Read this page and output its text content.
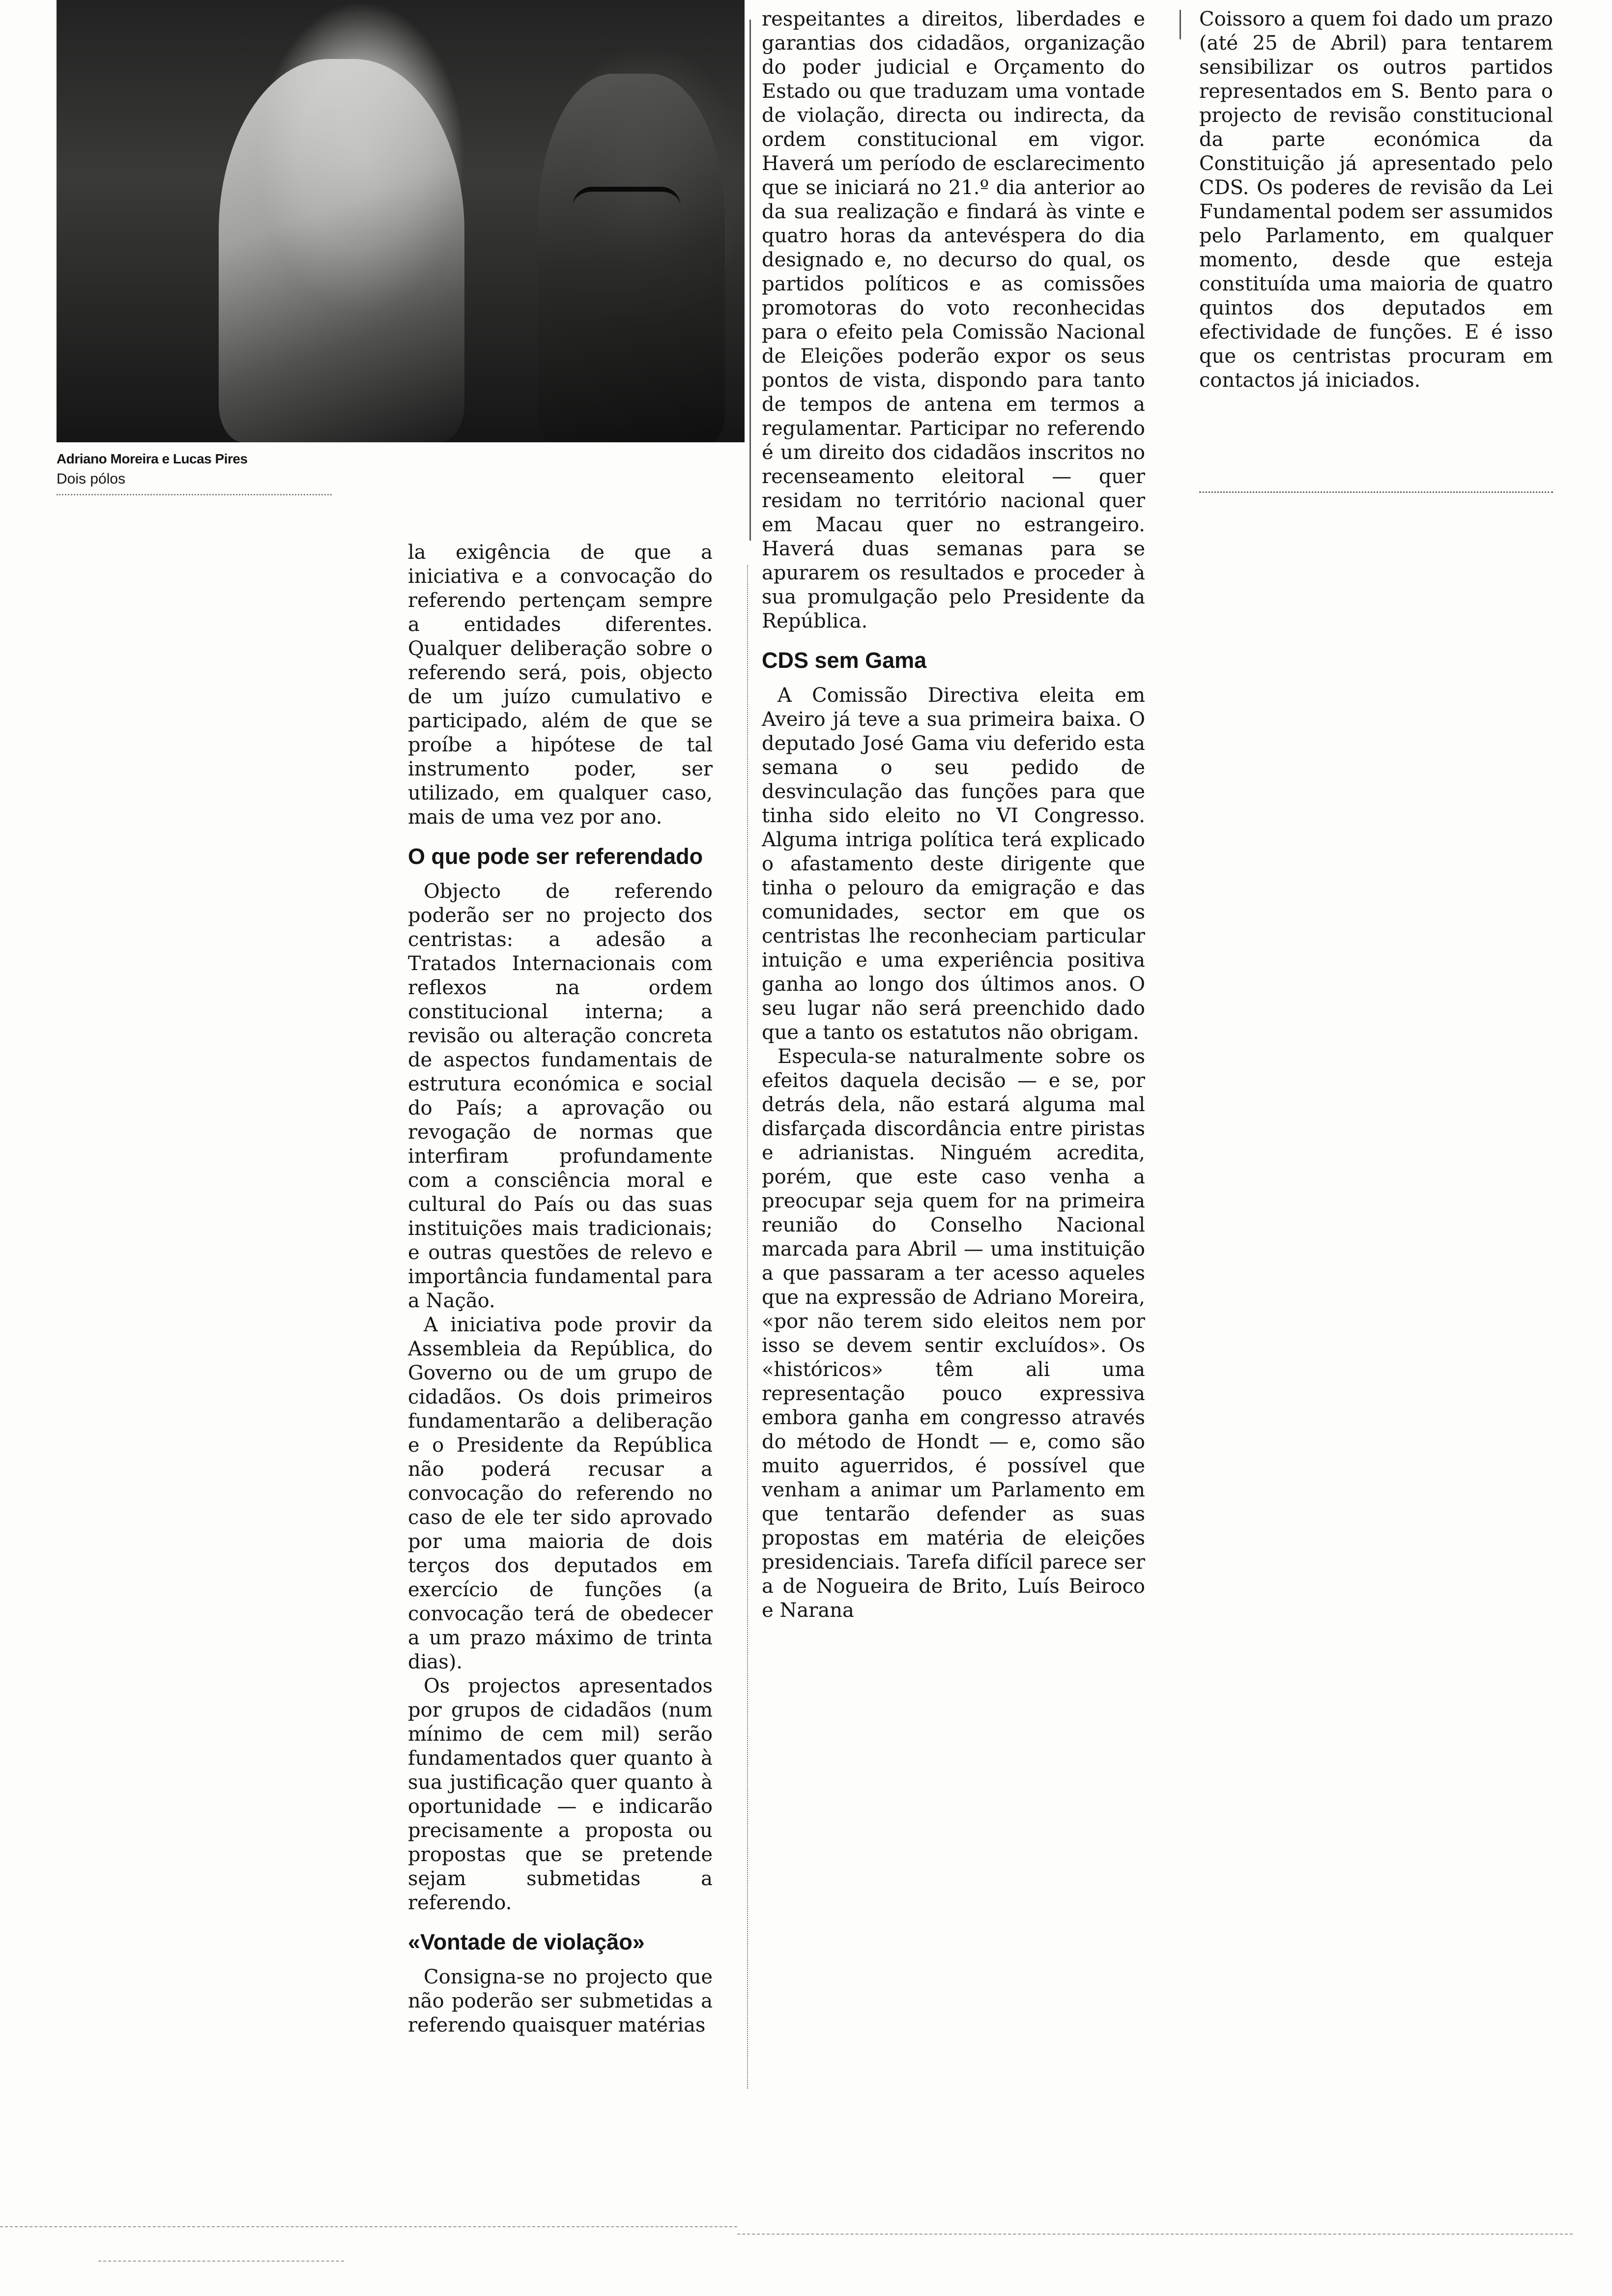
Adriano Moreira e Lucas Pires
Dois pólos

la exigência de que a iniciativa e a convocação do referendo pertençam sempre a entidades diferentes. Qualquer deliberação sobre o referendo será, pois, objecto de um juízo cumulativo e participado, além de que se proíbe a hipótese de tal instrumento poder, ser utilizado, em qualquer caso, mais de uma vez por ano.

O que pode ser referendado

Objecto de referendo poderão ser no projecto dos centristas: a adesão a Tratados Internacionais com reflexos na ordem constitucional interna; a revisão ou alteração concreta de aspectos fundamentais de estrutura económica e social do País; a aprovação ou revogação de normas que interfiram profundamente com a consciência moral e cultural do País ou das suas instituições mais tradicionais; e outras questões de relevo e importância fundamental para a Nação.

A iniciativa pode provir da Assembleia da República, do Governo ou de um grupo de cidadãos. Os dois primeiros fundamentarão a deliberação e o Presidente da República não poderá recusar a convocação do referendo no caso de ele ter sido aprovado por uma maioria de dois terços dos deputados em exercício de funções (a convocação terá de obedecer a um prazo máximo de trinta dias).

Os projectos apresentados por grupos de cidadãos (num mínimo de cem mil) serão fundamentados quer quanto à sua justificação quer quanto à oportunidade — e indicarão precisamente a proposta ou propostas que se pretende sejam submetidas a referendo.

«Vontade de violação»

Consigna-se no projecto que não poderão ser submetidas a referendo quaisquer matérias

respeitantes a direitos, liberdades e garantias dos cidadãos, organização do poder judicial e Orçamento do Estado ou que traduzam uma vontade de violação, directa ou indirecta, da ordem constitucional em vigor. Haverá um período de esclarecimento que se iniciará no 21.º dia anterior ao da sua realização e findará às vinte e quatro horas da antevéspera do dia designado e, no decurso do qual, os partidos políticos e as comissões promotoras do voto reconhecidas para o efeito pela Comissão Nacional de Eleições poderão expor os seus pontos de vista, dispondo para tanto de tempos de antena em termos a regulamentar. Participar no referendo é um direito dos cidadãos inscritos no recenseamento eleitoral — quer residam no território nacional quer em Macau quer no estrangeiro. Haverá duas semanas para se apurarem os resultados e proceder à sua promulgação pelo Presidente da República.

CDS sem Gama

A Comissão Directiva eleita em Aveiro já teve a sua primeira baixa. O deputado José Gama viu deferido esta semana o seu pedido de desvinculação das funções para que tinha sido eleito no VI Congresso. Alguma intriga política terá explicado o afastamento deste dirigente que tinha o pelouro da emigração e das comunidades, sector em que os centristas lhe reconheciam particular intuição e uma experiência positiva ganha ao longo dos últimos anos. O seu lugar não será preenchido dado que a tanto os estatutos não obrigam.

Especula-se naturalmente sobre os efeitos daquela decisão — e se, por detrás dela, não estará alguma mal disfarçada discordância entre piristas e adrianistas. Ninguém acredita, porém, que este caso venha a preocupar seja quem for na primeira reunião do Conselho Nacional marcada para Abril — uma instituição a que passaram a ter acesso aqueles que na expressão de Adriano Moreira, «por não terem sido eleitos nem por isso se devem sentir excluídos». Os «históricos» têm ali uma representação pouco expressiva embora ganha em congresso através do método de Hondt — e, como são muito aguerridos, é possível que venham a animar um Parlamento em que tentarão defender as suas propostas em matéria de eleições presidenciais. Tarefa difícil parece ser a de Nogueira de Brito, Luís Beiroco e Narana

Coissoro a quem foi dado um prazo (até 25 de Abril) para tentarem sensibilizar os outros partidos representados em S. Bento para o projecto de revisão constitucional da parte económica da Constituição já apresentado pelo CDS. Os poderes de revisão da Lei Fundamental podem ser assumidos pelo Parlamento, em qualquer momento, desde que esteja constituída uma maioria de quatro quintos dos deputados em efectividade de funções. E é isso que os centristas procuram em contactos já iniciados.
